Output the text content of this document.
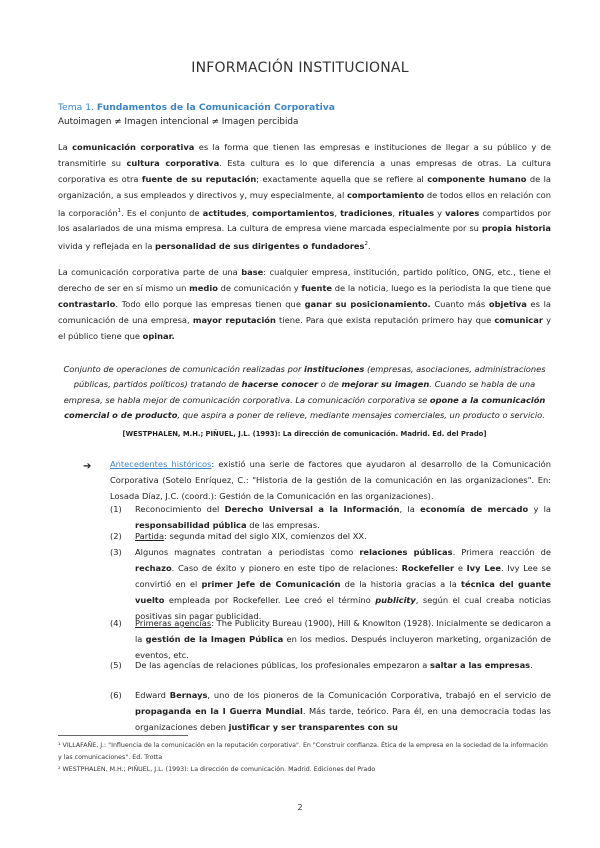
INFORMACIÓN INSTITUCIONAL
Tema 1. Fundamentos de la Comunicación Corporativa
Autoimagen ≠ Imagen intencional ≠ Imagen percibida

La comunicación corporativa es la forma que tienen las empresas e instituciones de llegar a su público y de transmitirle su cultura corporativa. Esta cultura es lo que diferencia a unas empresas de otras. La cultura corporativa es otra fuente de su reputación; exactamente aquella que se refiere al componente humano de la organización, a sus empleados y directivos y, muy especialmente, al comportamiento de todos ellos en relación con la corporación$^1$. Es el conjunto de actitudes, comportamientos, tradiciones, rituales y valores compartidos por los asalariados de una misma empresa. La cultura de empresa viene marcada especialmente por su propia historia vivida y reflejada en la personalidad de sus dirigentes o fundadores$^2$.

La comunicación corporativa parte de una base: cualquier empresa, institución, partido político, ONG, etc., tiene el derecho de ser en sí mismo un medio de comunicación y fuente de la noticia, luego es la periodista la que tiene que contrastarlo. Todo ello porque las empresas tienen que ganar su posicionamiento. Cuanto más objetiva es la comunicación de una empresa, mayor reputación tiene. Para que exista reputación primero hay que comunicar y el público tiene que opinar.

Conjunto de operaciones de comunicación realizadas por instituciones (empresas, asociaciones, administraciones públicas, partidos políticos) tratando de hacerse conocer o de mejorar su imagen. Cuando se habla de una empresa, se habla mejor de comunicación corporativa. La comunicación corporativa se opone a la comunicación comercial o de producto, que aspira a poner de relieve, mediante mensajes comerciales, un producto o servicio.

[WESTPHALEN, M.H.; PIÑUEL, J.L. (1993): La dirección de comunicación. Madrid. Ed. del Prado]
➔ Antecedentes históricos: existió una serie de factores que ayudaron al desarrollo de la Comunicación Corporativa (Sotelo Enríquez, C.: "Historia de la gestión de la comunicación en las organizaciones". En: Losada Díaz, J.C. (coord.): Gestión de la Comunicación en las organizaciones).

(1) Reconocimiento del Derecho Universal a la Información, la economía de mercado y la responsabilidad pública de las empresas.
(2) Partida: segunda mitad del siglo XIX, comienzos del XX.
(3) Algunos magnates contratan a periodistas como relaciones públicas. Primera reacción de rechazo. Caso de éxito y pionero en este tipo de relaciones: Rockefeller e Ivy Lee. Ivy Lee se convirtió en el primer Jefe de Comunicación de la historia gracias a la técnica del guante vuelto empleada por Rockefeller. Lee creó el término publicity, según el cual creaba noticias positivas sin pagar publicidad.
(4) Primeras agencias: The Publicity Bureau (1900), Hill & Knowlton (1928). Inicialmente se dedicaron a la gestión de la Imagen Pública en los medios. Después incluyeron marketing, organización de eventos, etc.
(5) De las agencias de relaciones públicas, los profesionales empezaron a saltar a las empresas.
(6) Edward Bernays, uno de los pioneros de la Comunicación Corporativa, trabajó en el servicio de propaganda en la I Guerra Mundial. Más tarde, teórico. Para él, en una democracia todas las organizaciones deben justificar y ser transparentes con su

¹ VILLAFAÑE, J.: "Influencia de la comunicación en la reputación corporativa". En "Construir confianza. Ética de la empresa en la sociedad de la información y las comunicaciones". Ed. Trotta

² WESTPHALEN, M.H.; PIÑUEL, J.L. (1993): La dirección de comunicación. Madrid. Ediciones del Prado

2
